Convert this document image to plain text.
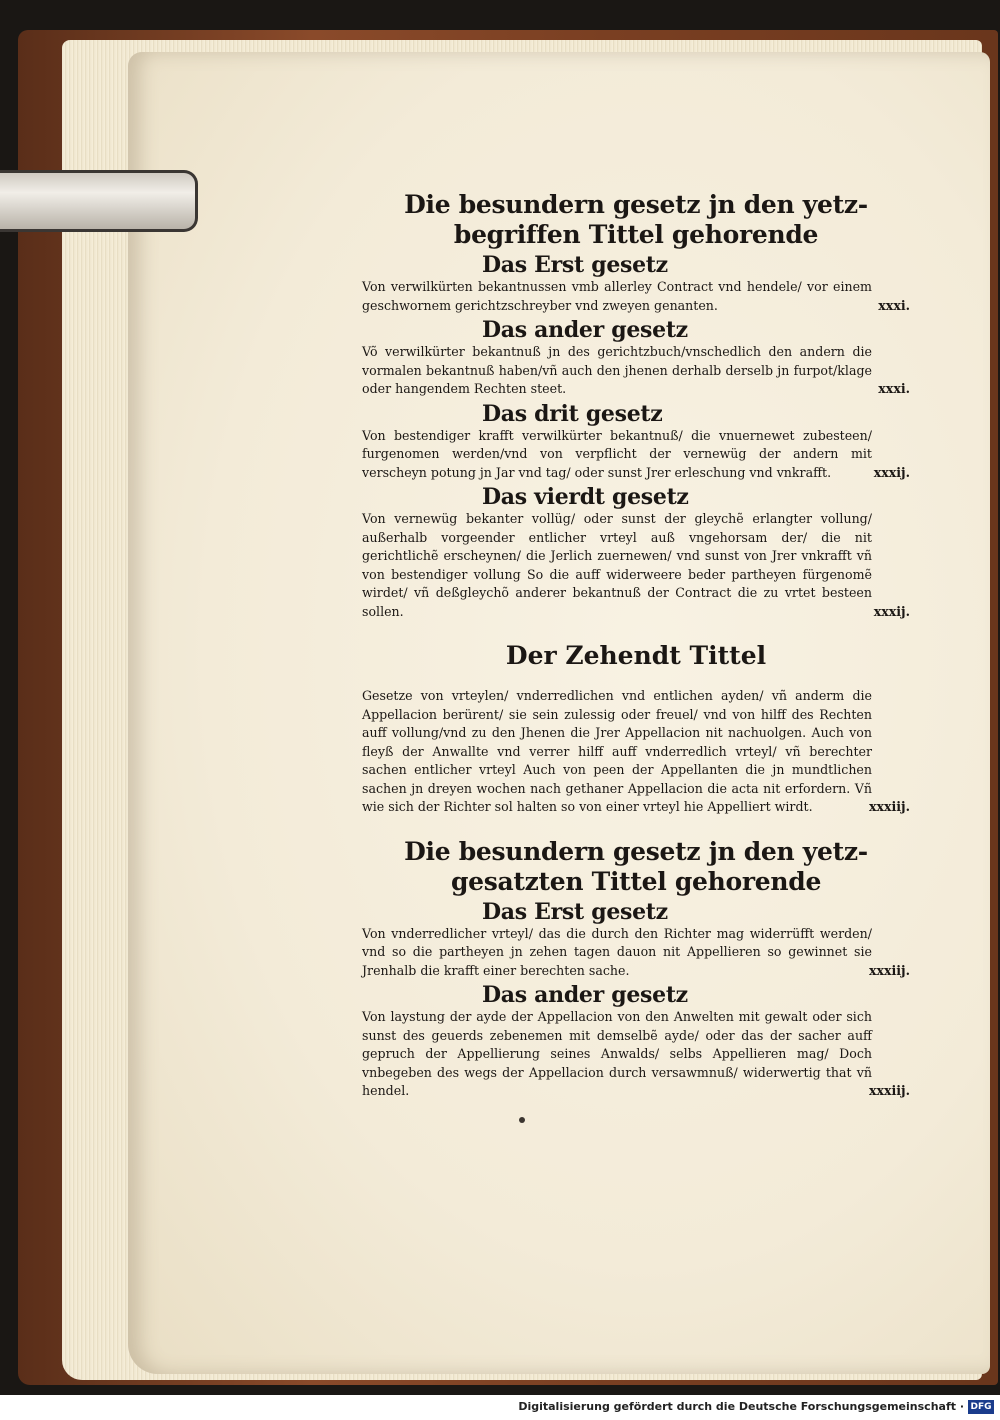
Die besundern gesetz jn den yetz-

begriffen Tittel gehorende

Das Erst gesetz

Von verwilkürten bekantnussen vmb allerley Contract vnd hendele/ vor einem geschwornem gerichtzschreyber vnd zweyen genanten.	xxxi.

Das ander gesetz

Võ verwilkürter bekantnuß jn des gerichtzbuch/vnschedlich den andern die vormalen bekantnuß haben/vñ auch den jhenen derhalb derselb jn furpot/klage oder hangendem Rechten steet.	xxxi.

Das drit gesetz

Von bestendiger krafft verwilkürter bekantnuß/ die vnuernewet zubesteen/ furgenomen werden/vnd von verpflicht der vernewüg der andern mit verscheyn potung jn Jar vnd tag/ oder sunst Jrer erleschung vnd vnkrafft.	xxxij.

Das vierdt gesetz

Von vernewüg bekanter vollüg/ oder sunst der gleychẽ erlangter vollung/ außerhalb vorgeender entlicher vrteyl auß vngehorsam der/ die nit gerichtlichẽ erscheynen/ die Jerlich zuernewen/ vnd sunst von Jrer vnkrafft vñ von bestendiger vollung So die auff widerweere beder partheyen fürgenomẽ wirdet/ vñ deßgleychõ anderer bekantnuß der Contract die zu vrtet besteen sollen.	xxxij.

Der Zehendt Tittel

Gesetze von vrteylen/ vnderredlichen vnd entlichen ayden/ vñ anderm die Appellacion berürent/ sie sein zulessig oder freuel/ vnd von hilff des Rechten auff vollung/vnd zu den Jhenen die Jrer Appellacion nit nachuolgen. Auch von fleyß der Anwallte vnd verrer hilff auff vnderredlich vrteyl/ vñ berechter sachen entlicher vrteyl Auch von peen der Appellanten die jn mundtlichen sachen jn dreyen wochen nach gethaner Appellacion die acta nit erfordern. Vñ wie sich der Richter sol halten so von einer vrteyl hie Appelliert wirdt.	xxxiij.

Die besundern gesetz jn den yetz-

gesatzten Tittel gehorende

Das Erst gesetz

Von vnderredlicher vrteyl/ das die durch den Richter mag widerrüfft werden/ vnd so die partheyen jn zehen tagen dauon nit Appellieren so gewinnet sie Jrenhalb die krafft einer berechten sache.	xxxiij.

Das ander gesetz

Von laystung der ayde der Appellacion von den Anwelten mit gewalt oder sich sunst des geuerds zebenemen mit demselbẽ ayde/ oder das der sacher auff gepruch der Appellierung seines Anwalds/ selbs Appellieren mag/ Doch vnbegeben des wegs der Appellacion durch versawmnuß/ widerwertig that vñ hendel.	xxxiij.

Digitalisierung gefördert durch die Deutsche Forschungsgemeinschaft · DFG
